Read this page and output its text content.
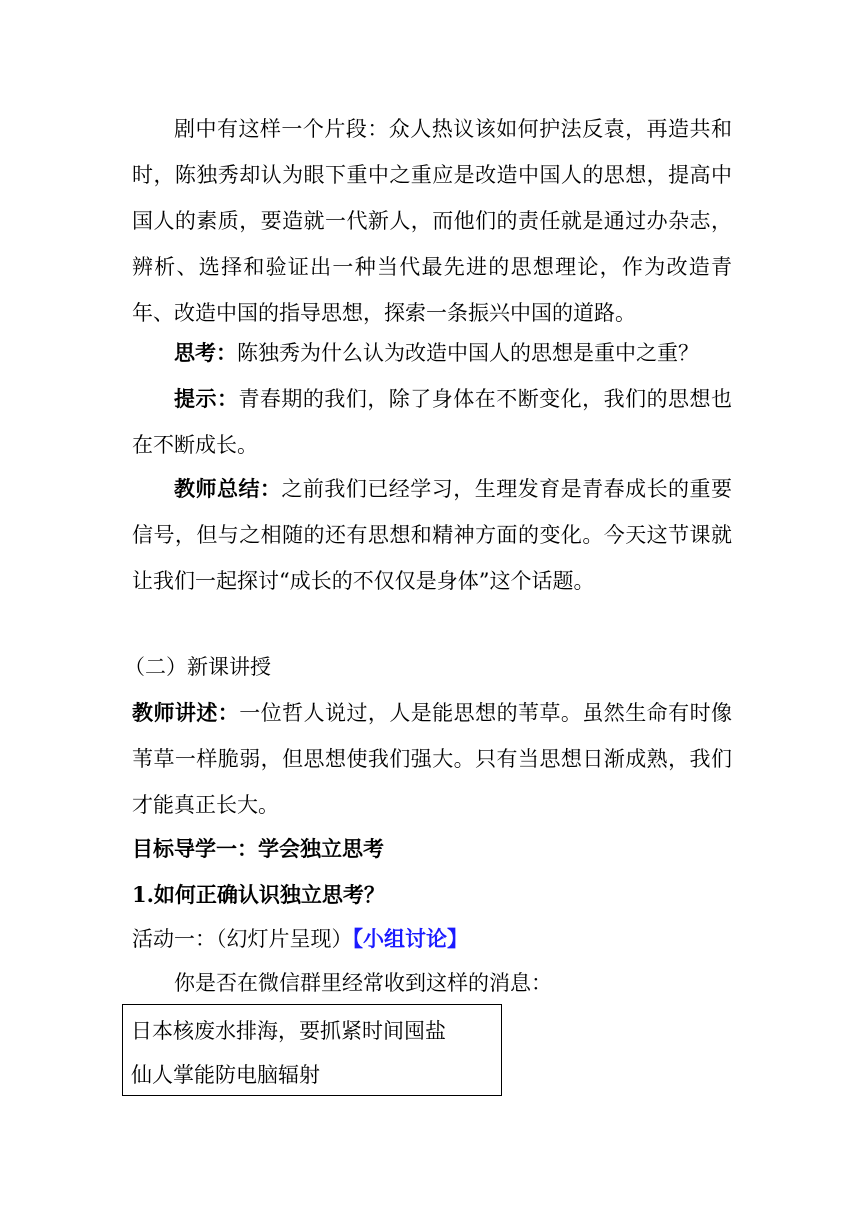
剧中有这样一个片段：众人热议该如何护法反袁，再造共和时，陈独秀却认为眼下重中之重应是改造中国人的思想，提高中国人的素质，要造就一代新人，而他们的责任就是通过办杂志，辨析、选择和验证出一种当代最先进的思想理论，作为改造青年、改造中国的指导思想，探索一条振兴中国的道路。

思考：陈独秀为什么认为改造中国人的思想是重中之重？

提示：青春期的我们，除了身体在不断变化，我们的思想也在不断成长。

教师总结：之前我们已经学习，生理发育是青春成长的重要信号，但与之相随的还有思想和精神方面的变化。今天这节课就让我们一起探讨“成长的不仅仅是身体”这个话题。

（二）新课讲授

教师讲述：一位哲人说过，人是能思想的苇草。虽然生命有时像苇草一样脆弱，但思想使我们强大。只有当思想日渐成熟，我们才能真正长大。

目标导学一：学会独立思考

1.如何正确认识独立思考？

活动一：（幻灯片呈现）【小组讨论】

你是否在微信群里经常收到这样的消息：

日本核废水排海，要抓紧时间囤盐

仙人掌能防电脑辐射
